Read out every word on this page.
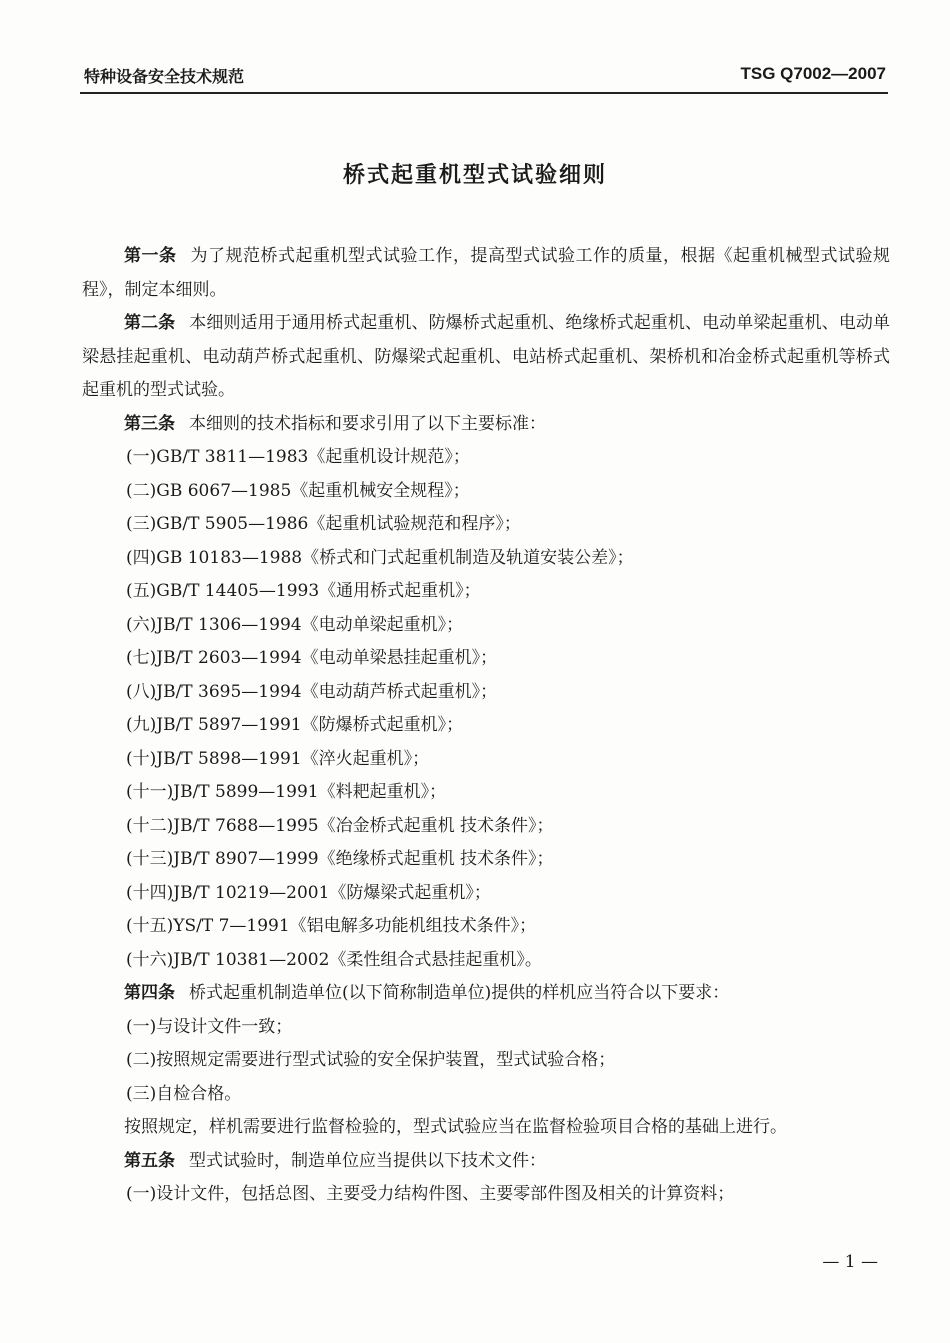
特种设备安全技术规范	TSG Q7002—2007
桥式起重机型式试验细则

第一条 为了规范桥式起重机型式试验工作，提高型式试验工作的质量，根据《起重机械型式试验规程》，制定本细则。

第二条 本细则适用于通用桥式起重机、防爆桥式起重机、绝缘桥式起重机、电动单梁起重机、电动单梁悬挂起重机、电动葫芦桥式起重机、防爆梁式起重机、电站桥式起重机、架桥机和冶金桥式起重机等桥式起重机的型式试验。

第三条 本细则的技术指标和要求引用了以下主要标准：

(一)GB/T 3811—1983《起重机设计规范》；
(二)GB 6067—1985《起重机械安全规程》；
(三)GB/T 5905—1986《起重机试验规范和程序》；
(四)GB 10183—1988《桥式和门式起重机制造及轨道安装公差》；
(五)GB/T 14405—1993《通用桥式起重机》；
(六)JB/T 1306—1994《电动单梁起重机》；
(七)JB/T 2603—1994《电动单梁悬挂起重机》；
(八)JB/T 3695—1994《电动葫芦桥式起重机》；
(九)JB/T 5897—1991《防爆桥式起重机》；
(十)JB/T 5898—1991《淬火起重机》；
(十一)JB/T 5899—1991《料耙起重机》；
(十二)JB/T 7688—1995《冶金桥式起重机 技术条件》；
(十三)JB/T 8907—1999《绝缘桥式起重机 技术条件》；
(十四)JB/T 10219—2001《防爆梁式起重机》；
(十五)YS/T 7—1991《铝电解多功能机组技术条件》；
(十六)JB/T 10381—2002《柔性组合式悬挂起重机》。

第四条 桥式起重机制造单位(以下简称制造单位)提供的样机应当符合以下要求：

(一)与设计文件一致；
(二)按照规定需要进行型式试验的安全保护装置，型式试验合格；
(三)自检合格。

按照规定，样机需要进行监督检验的，型式试验应当在监督检验项目合格的基础上进行。

第五条 型式试验时，制造单位应当提供以下技术文件：

(一)设计文件，包括总图、主要受力结构件图、主要零部件图及相关的计算资料；
— 1 —
